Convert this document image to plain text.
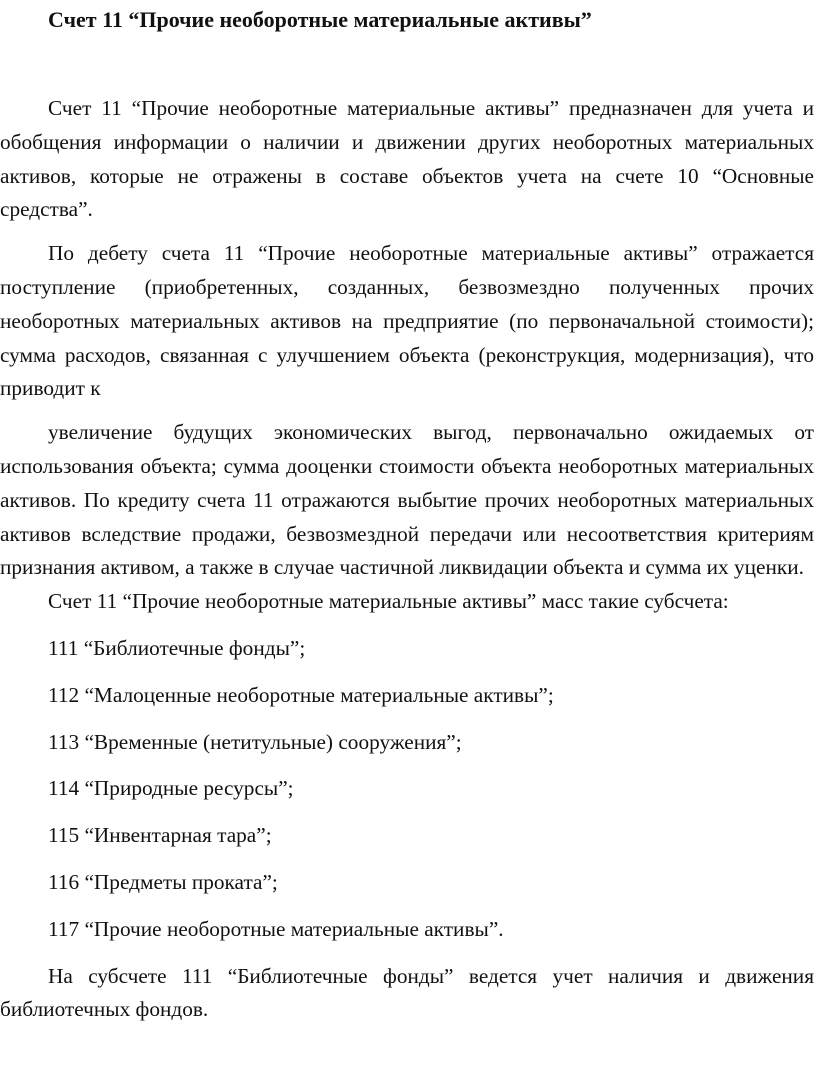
Счет 11 “Прочие необоротные материальные активы”

Счет 11 “Прочие необоротные материальные активы” предназначен для учета и обобщения информации о наличии и движении других необоротных материальных активов, которые не отражены в составе объектов учета на счете 10 “Основные средства”.

По дебету счета 11 “Прочие необоротные материальные активы” отражается поступление (приобретенных, созданных, безвозмездно полученных прочих необоротных материальных активов на предприятие (по первоначальной стоимости); сумма расходов, связанная с улучшением объекта (реконструкция, модернизация), что приводит к

увеличение будущих экономических выгод, первоначально ожидаемых от использования объекта; сумма дооценки стоимости объекта необоротных материальных активов. По кредиту счета 11 отражаются выбытие прочих необоротных материальных активов вследствие продажи, безвозмездной передачи или несоответствия критериям признания активом, а также в случае частичной ликвидации объекта и сумма их уценки.

Счет 11 “Прочие необоротные материальные активы” масс такие субсчета:

111 “Библиотечные фонды”;

112 “Малоценные необоротные материальные активы”;

113 “Временные (нетитульные) сооружения”;

114 “Природные ресурсы”;

115 “Инвентарная тара”;

116 “Предметы проката”;

117 “Прочие необоротные материальные активы”.

На субсчете 111 “Библиотечные фонды” ведется учет наличия и движения библиотечных фондов.
